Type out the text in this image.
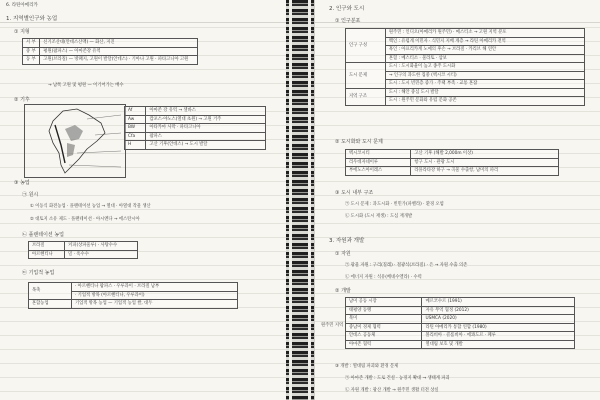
6. 라틴아메리카
1. 지역별인구와 농업
① 지형
서 부	신기조산대(안데스산맥) — 화산, 지진
중 부	평원(팜파스) — 아마존강 유역
동 부	고원(브라질) — 방패지, 고원이 발달(안데스) · 기아나 고원 · 파타고니아 고원
→ 남쪽 고원 및 평원 — 이기어가는 배수
② 기후
Af	아마존 강 유역 → 셀바스
Aw	캄포스·야노스(열대 초원) → 고원 거주
BW	아타카마 사막 · 파타고니아
Cfa	팜파스
H	고산 기후(안데스) → 도시 발달
③ 농업
㉠ 원시
① 이동식 화전농업 · 플랜테이션 농업 → 열대 · 아열대 작물 생산
② 대토지 소유 제도 · 플랜테이션 · 아시엔다 → 에스탄시아
㉡ 플랜테이션 농업
브라질	커피(상파울루) · 사탕수수
아르헨티나	밀 · 옥수수
㉢ 기업적 농업
목축	· 아르헨티나 팜파스 · 우루과이 · 브라질 남부
	· 기업적 방목 (아르헨티나, 우루과이)
혼합농업	기업적 방목 농업 — 기업적 농업 쌀, 대두
2. 인구와 도시
① 인구분포
인구 구성	원주민 : 인디오(아메리카 원주민) · 메스티소 → 고원 지역 분포
	백인 : 유럽계 이민자 · 식민지 지배 계층 → 라틴 아메리카 전역
	흑인 : 아프리카계 노예의 후손 → 브라질 · 카리브 해 연안
	혼혈 : 메스티소 · 물라토 · 삼보
도시 문제	도시 : 도시화율이 높고 종주 도시화
	→ 인구의 과도한 집중 (멕시코 시티)
	도시 : 도시 빈민층 증가 · 주택 부족 · 교통 혼잡
지역 구조	도시 : 해안 중심 도시 발달
	도시 : 원주민 문화와 유럽 문화 공존
② 도시화와 도시 문제
멕시코시티	고산 기후 (해발 2,000m 이상)
리우데자네이루	항구 도시 · 관광 도시
부에노스아이레스	라플라타강 하구 → 곡물 수출항, 남미의 파리
③ 도시 내부 구조
㉠ 도시 문제 : 과도시화 · 빈민가(파벨라) · 환경 오염
㉡ 도시화 (도시 재생) : 도심 재개발
3. 자원과 개발
① 자원
㉠ 광물 자원 : 구리(칠레) · 철광석(브라질) · 은 → 자원 수출 의존
㉡ 에너지 자원 : 석유(베네수엘라) · 수력
② 개발
남미 공동 시장	메르코수르 (1991)
태평양 동맹	자유 무역 협정 (2012)
북미	USMCA (2020)
중남미 경제 협력	라틴 아메리카 통합 연합 (1980)
안데스 공동체	볼리비아 · 콜롬비아 · 에콰도르 · 페루
아마존 협력	열대림 보호 및 개발
원주민 지역
③ 개발 : 열대림 파괴와 환경 문제
㉠ 아마존 개발 : 도로 건설 · 농경지 확대 → 생태계 파괴
㉡ 자원 개발 : 광산 개발 → 원주민 생활 터전 상실
